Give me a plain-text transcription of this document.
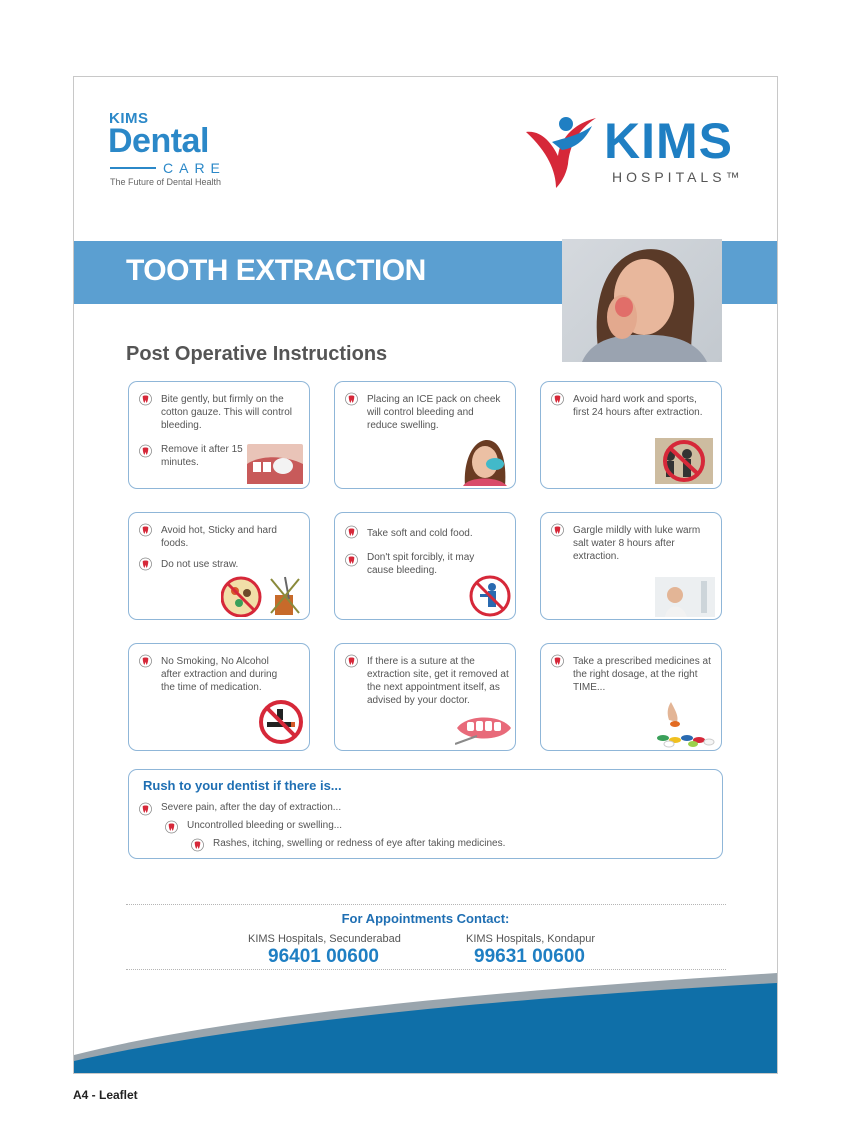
KIMS
Dental
CARE
The Future of Dental Health
KIMS
HOSPITALS™
TOOTH EXTRACTION
Post Operative Instructions
Bite gently, but firmly on the cotton gauze. This will control bleeding.
Remove it after 15 minutes.
Placing an ICE pack on cheek will control bleeding and reduce swelling.
Avoid hard work and sports, first 24 hours after extraction.
Avoid hot, Sticky and hard foods.
Do not use straw.
Take soft and cold food.
Don't spit forcibly, it may cause bleeding.
Gargle mildly with luke warm salt water 8 hours after extraction.
No Smoking, No Alcohol after extraction and during the time of medication.
If there is a suture at the extraction site, get it removed at the next appointment itself, as advised by your doctor.
Take a prescribed medicines at the right dosage, at the right TIME...
Rush to your dentist if there is...
Severe pain, after the day of extraction...
Uncontrolled bleeding or swelling...
Rashes, itching, swelling or redness of eye after taking medicines.
For Appointments Contact:
KIMS Hospitals, Secunderabad
96401 00600
KIMS Hospitals, Kondapur
99631 00600
A4 - Leaflet
